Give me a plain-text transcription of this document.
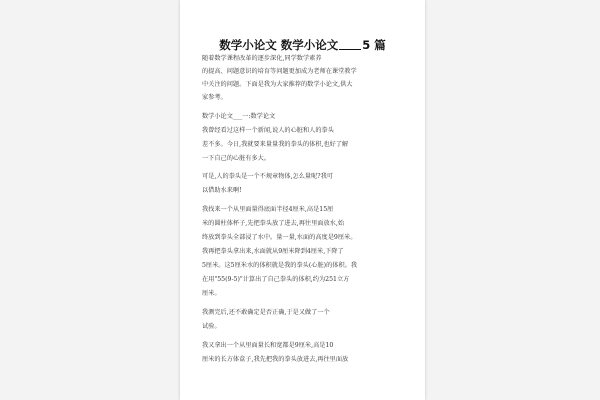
数学小论文 数学小论文 5 篇
随着数学课程改革的逐步深化,同学数学素养
的提高、问题意识的培育等问题更加成为老师在课堂教学
中关注的问题。下面是我为大家推荐的数学小论文,供大
家参考。
数学小论文___一:数学论文
我曾经看过这样一个新闻,说人的心脏和人的拳头
差不多。今日,我就要来量量我的拳头的体积,也好了解
一下自己的心脏有多大。
可是,人的拳头是一个不规章物体,怎么量呢?我可
以借助水来啊!
我找来一个从里面量得底面半径4厘米,高是15厘
米的圆柱体杯子,先把拳头放了进去,再往里面放水,始
终放到拳头全部浸了水中。量一量,水面的高度是9厘米。
我再把拳头拿出来,水面就从9厘米降到4厘米,下降了
5厘米。这5厘米水的体积就是我的拳头(心脏)的体积。我
在用"55(9-5)"计算出了自己拳头的体积,约为251立方
厘米。
我测完后,还不敢确定是否正确,于是又做了一个
试验。
我又拿出一个从里面量长和宽都是9厘米,高是10
厘米的长方体盒子,我先把我的拳头放进去,再往里面放
